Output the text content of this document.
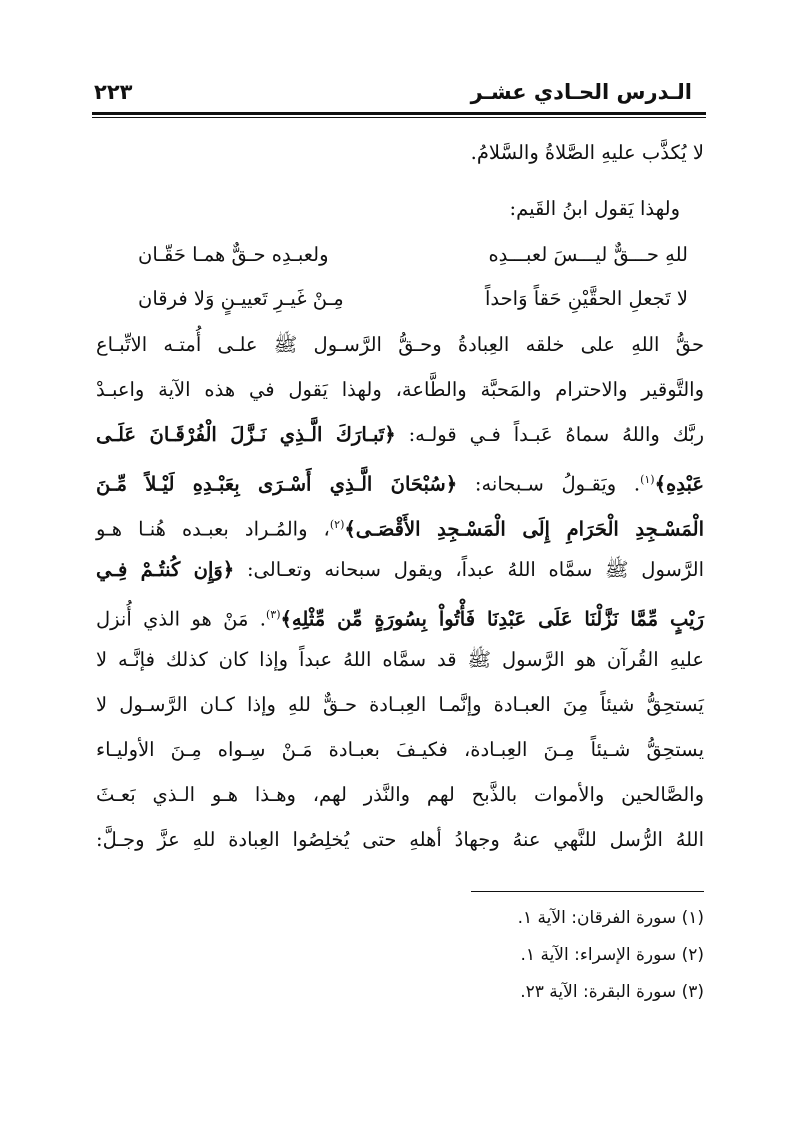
الـدرس الحـادي عشـر
٢٢٣
لا يُكذَّب عليهِ الصَّلاةُ والسَّلامُ.
ولهذا يَقول ابنُ القَيم:
للهِ حـــقٌّ ليـــسَ لعبـــدِه
ولعبـدِه حـقٌّ همـا حَقّـان
لا تَجعلِ الحقَّيْنِ حَقاً وَاحداً
مِـنْ غَيـرِ تَعييـنٍ وَلا فرقان
حقُّ اللهِ على خلقه العِبادةُ وحـقُّ الرَّسـول ﷺ علـى أُمتـه الاتِّبـاع
والتَّوقير والاحترام والمَحبَّة والطَّاعة، ولهذا يَقول في هذه الآية واعبـدْ
ربَّك واللهُ سماهُ عَبـداً فـي قولـه: ﴿تَبـارَكَ الَّـذِي نَـزَّلَ الْفُرْقَـانَ عَلَـى
عَبْدِهِ﴾$^{(١)}$. ويَقـولُ سـبحانه: ﴿سُبْحَانَ الَّـذِي أَسْـرَى بِعَبْـدِهِ لَيْـلاً مِّـنَ
الْمَسْـجِدِ الْحَرَامِ إِلَى الْمَسْـجِدِ الأَقْصَـى﴾$^{(٢)}$، والمُـراد بعبـده هُنـا هـو
الرَّسول ﷺ سمَّاه اللهُ عبداً، ويقول سبحانه وتعـالى: ﴿وَإِن كُنتُـمْ فِـي
رَيْبٍ مِّمَّا نَزَّلْنَا عَلَى عَبْدِنَا فَأْتُواْ بِسُورَةٍ مِّن مِّثْلِهِ﴾$^{(٣)}$. مَنْ هو الذي أُنزل
عليهِ القُرآن هو الرَّسول ﷺ قد سمَّاه اللهُ عبداً وإذا كان كذلك فإنَّـه لا
يَستحِقُّ شيئاً مِنَ العبـادة وإنَّمـا العِبـادة حـقٌّ للهِ وإذا كـان الرَّسـول لا
يستحِقُّ شـيئاً مِـنَ العِبـادة، فكيـفَ بعبـادة مَـنْ سِـواه مِـنَ الأوليـاء
والصَّالحين والأموات بالذَّبح لهم والنَّذر لهم، وهـذا هـو الـذي بَعـثَ
اللهُ الرُّسل للنَّهي عنهُ وجهادُ أهلهِ حتى يُخلِصُوا العِبادة للهِ عزَّ وجـلَّ:
(١) سورة الفرقان: الآية ١.
(٢) سورة الإسراء: الآية ١.
(٣) سورة البقرة: الآية ٢٣.
